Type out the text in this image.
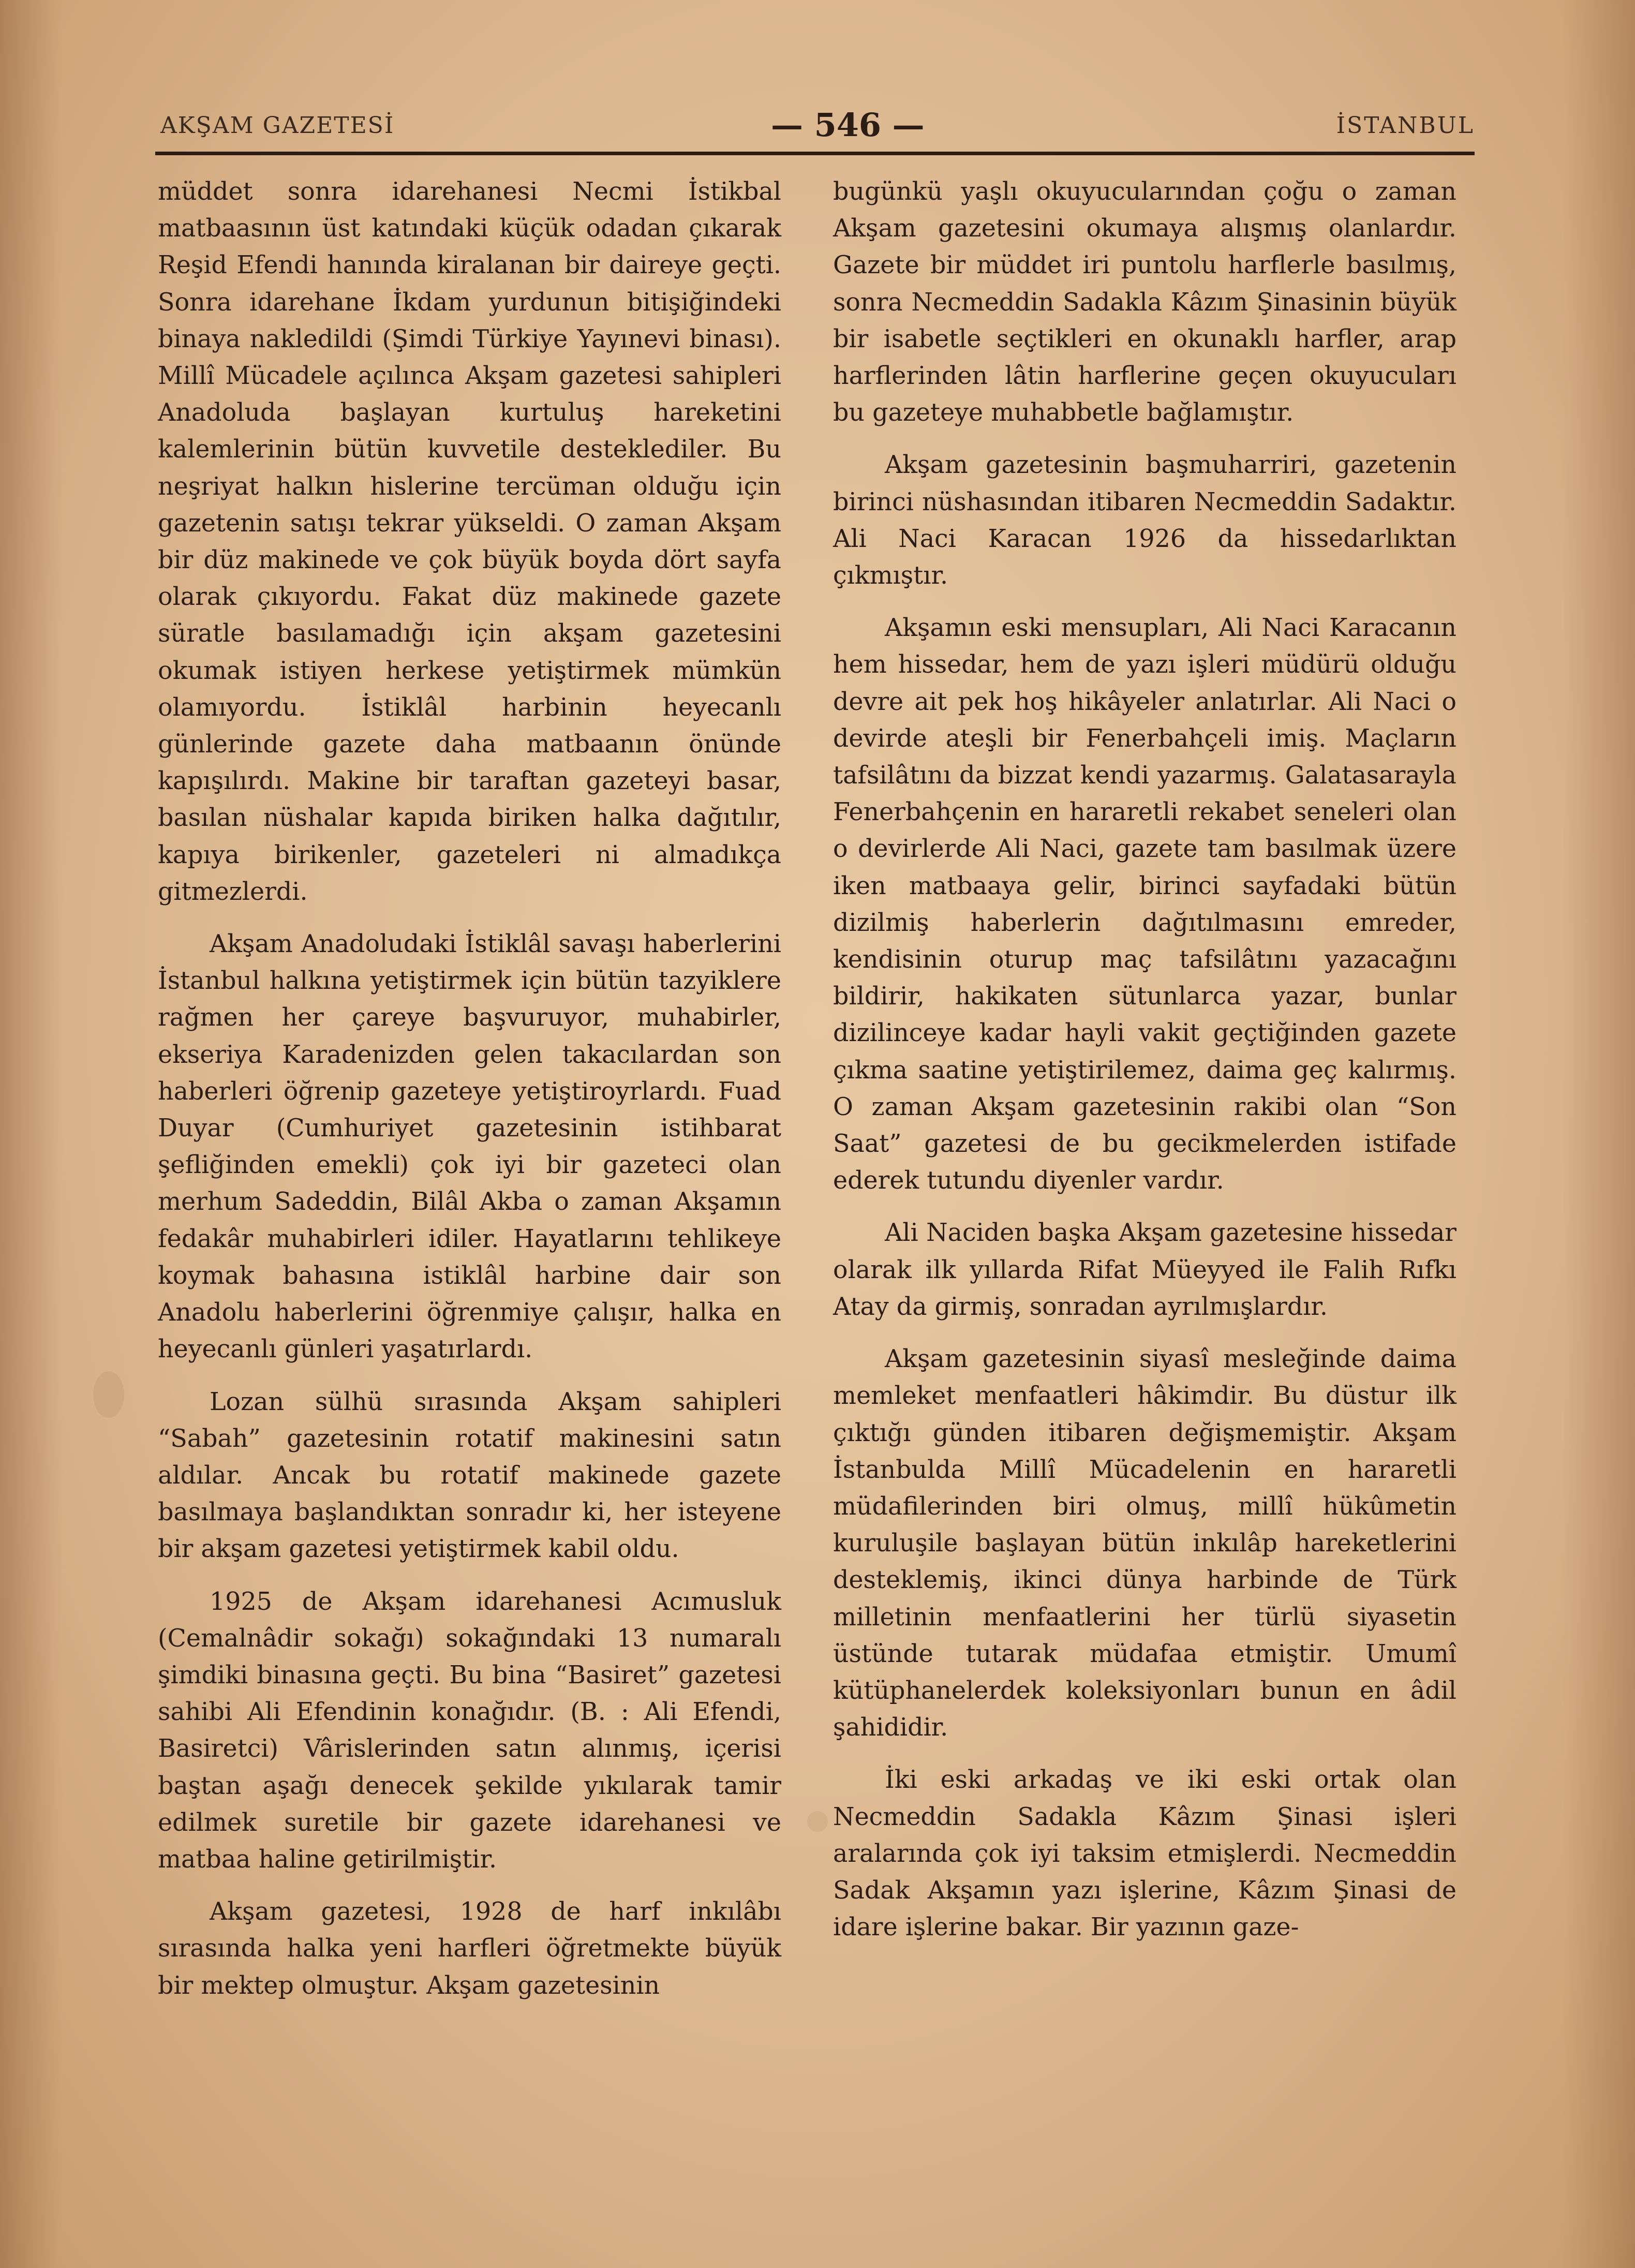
AKŞAM GAZETESİ	— 546 —	İSTANBUL

müddet sonra idarehanesi Necmi İstikbal matbaasının üst katındaki küçük odadan çıkarak Reşid Efendi hanında kiralanan bir daireye geçti. Sonra idarehane İkdam yurdunun bitişiğindeki binaya nakledildi (Şimdi Türkiye Yayınevi binası). Millî Mücadele açılınca Akşam gazetesi sahipleri Anadoluda başlayan kurtuluş hareketini kalemlerinin bütün kuvvetile desteklediler. Bu neşriyat halkın hislerine tercüman olduğu için gazetenin satışı tekrar yükseldi. O zaman Akşam bir düz makinede ve çok büyük boyda dört sayfa olarak çıkıyordu. Fakat düz makinede gazete süratle basılamadığı için akşam gazetesini okumak istiyen herkese yetiştirmek mümkün olamıyordu. İstiklâl harbinin heyecanlı günlerinde gazete daha matbaanın önünde kapışılırdı. Makine bir taraftan gazeteyi basar, basılan nüshalar kapıda biriken halka dağıtılır, kapıya birikenler, gazeteleri ni almadıkça gitmezlerdi.

Akşam Anadoludaki İstiklâl savaşı haberlerini İstanbul halkına yetiştirmek için bütün tazyiklere rağmen her çareye başvuruyor, muhabirler, ekseriya Karadenizden gelen takacılardan son haberleri öğrenip gazeteye yetiştiroyrlardı. Fuad Duyar (Cumhuriyet gazetesinin istihbarat şefliğinden emekli) çok iyi bir gazeteci olan merhum Sadeddin, Bilâl Akba o zaman Akşamın fedakâr muhabirleri idiler. Hayatlarını tehlikeye koymak bahasına istiklâl harbine dair son Anadolu haberlerini öğrenmiye çalışır, halka en heyecanlı günleri yaşatırlardı.

Lozan sülhü sırasında Akşam sahipleri “Sabah” gazetesinin rotatif makinesini satın aldılar. Ancak bu rotatif makinede gazete basılmaya başlandıktan sonradır ki, her isteyene bir akşam gazetesi yetiştirmek kabil oldu.

1925 de Akşam idarehanesi Acımusluk (Cemalnâdir sokağı) sokağındaki 13 numaralı şimdiki binasına geçti. Bu bina “Basiret” gazetesi sahibi Ali Efendinin konağıdır. (B. : Ali Efendi, Basiretci) Vârislerinden satın alınmış, içerisi baştan aşağı denecek şekilde yıkılarak tamir edilmek suretile bir gazete idarehanesi ve matbaa haline getirilmiştir.

Akşam gazetesi, 1928 de harf inkılâbı sırasında halka yeni harfleri öğretmekte büyük bir mektep olmuştur. Akşam gazetesinin

bugünkü yaşlı okuyucularından çoğu o zaman Akşam gazetesini okumaya alışmış olanlardır. Gazete bir müddet iri puntolu harflerle basılmış, sonra Necmeddin Sadakla Kâzım Şinasinin büyük bir isabetle seçtikleri en okunaklı harfler, arap harflerinden lâtin harflerine geçen okuyucuları bu gazeteye muhabbetle bağlamıştır.

Akşam gazetesinin başmuharriri, gazetenin birinci nüshasından itibaren Necmeddin Sadaktır. Ali Naci Karacan 1926 da hissedarlıktan çıkmıştır.

Akşamın eski mensupları, Ali Naci Karacanın hem hissedar, hem de yazı işleri müdürü olduğu devre ait pek hoş hikâyeler anlatırlar. Ali Naci o devirde ateşli bir Fenerbahçeli imiş. Maçların tafsilâtını da bizzat kendi yazarmış. Galatasarayla Fenerbahçenin en hararetli rekabet seneleri olan o devirlerde Ali Naci, gazete tam basılmak üzere iken matbaaya gelir, birinci sayfadaki bütün dizilmiş haberlerin dağıtılmasını emreder, kendisinin oturup maç tafsilâtını yazacağını bildirir, hakikaten sütunlarca yazar, bunlar dizilinceye kadar hayli vakit geçtiğinden gazete çıkma saatine yetiştirilemez, daima geç kalırmış. O zaman Akşam gazetesinin rakibi olan “Son Saat” gazetesi de bu gecikmelerden istifade ederek tutundu diyenler vardır.

Ali Naciden başka Akşam gazetesine hissedar olarak ilk yıllarda Rifat Müeyyed ile Falih Rıfkı Atay da girmiş, sonradan ayrılmışlardır.

Akşam gazetesinin siyasî mesleğinde daima memleket menfaatleri hâkimdir. Bu düstur ilk çıktığı günden itibaren değişmemiştir. Akşam İstanbulda Millî Mücadelenin en hararetli müdafilerinden biri olmuş, millî hükûmetin kuruluşile başlayan bütün inkılâp hareketlerini desteklemiş, ikinci dünya harbinde de Türk milletinin menfaatlerini her türlü siyasetin üstünde tutarak müdafaa etmiştir. Umumî kütüphanelerdek koleksiyonları bunun en âdil şahididir.

İki eski arkadaş ve iki eski ortak olan Necmeddin Sadakla Kâzım Şinasi işleri aralarında çok iyi taksim etmişlerdi. Necmeddin Sadak Akşamın yazı işlerine, Kâzım Şinasi de idare işlerine bakar. Bir yazının gaze-
